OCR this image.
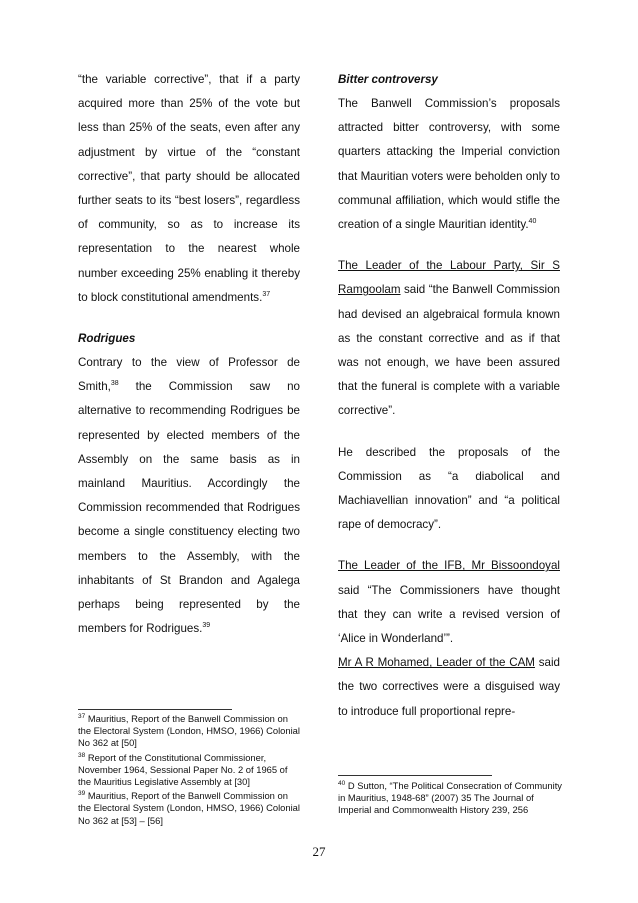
“the variable corrective”, that if a party acquired more than 25% of the vote but less than 25% of the seats, even after any adjustment by virtue of the “constant corrective”, that party should be allocated further seats to its “best losers”, regardless of community, so as to increase its representation to the nearest whole number exceeding 25% enabling it thereby to block constitutional amendments.$^{37}$

Rodrigues

Contrary to the view of Professor de Smith,$^{38}$ the Commission saw no alternative to recommending Rodrigues be represented by elected members of the Assembly on the same basis as in mainland Mauritius. Accordingly the Commission recommended that Rodrigues become a single constituency electing two members to the Assembly, with the inhabitants of St Brandon and Agalega perhaps being represented by the members for Rodrigues.$^{39}$

Bitter controversy

The Banwell Commission’s proposals attracted bitter controversy, with some quarters attacking the Imperial conviction that Mauritian voters were beholden only to communal affiliation, which would stifle the creation of a single Mauritian identity.$^{40}$

The Leader of the Labour Party, Sir S Ramgoolam said “the Banwell Commission had devised an algebraical formula known as the constant corrective and as if that was not enough, we have been assured that the funeral is complete with a variable corrective”.

He described the proposals of the Commission as “a diabolical and Machiavellian innovation” and “a political rape of democracy”.

The Leader of the IFB, Mr Bissoondoyal said “The Commissioners have thought that they can write a revised version of ‘Alice in Wonderland’”.

Mr A R Mohamed, Leader of the CAM said the two correctives were a disguised way to introduce full proportional repre-

$^{37}$ Mauritius, Report of the Banwell Commission on the Electoral System (London, HMSO, 1966) Colonial No 362 at [50]

$^{38}$ Report of the Constitutional Commissioner, November 1964, Sessional Paper No. 2 of 1965 of the Mauritius Legislative Assembly at [30]

$^{39}$ Mauritius, Report of the Banwell Commission on the Electoral System (London, HMSO, 1966) Colonial No 362 at [53] – [56]

$^{40}$ D Sutton, “The Political Consecration of Community in Mauritius, 1948-68” (2007) 35 The Journal of Imperial and Commonwealth History 239, 256

27
